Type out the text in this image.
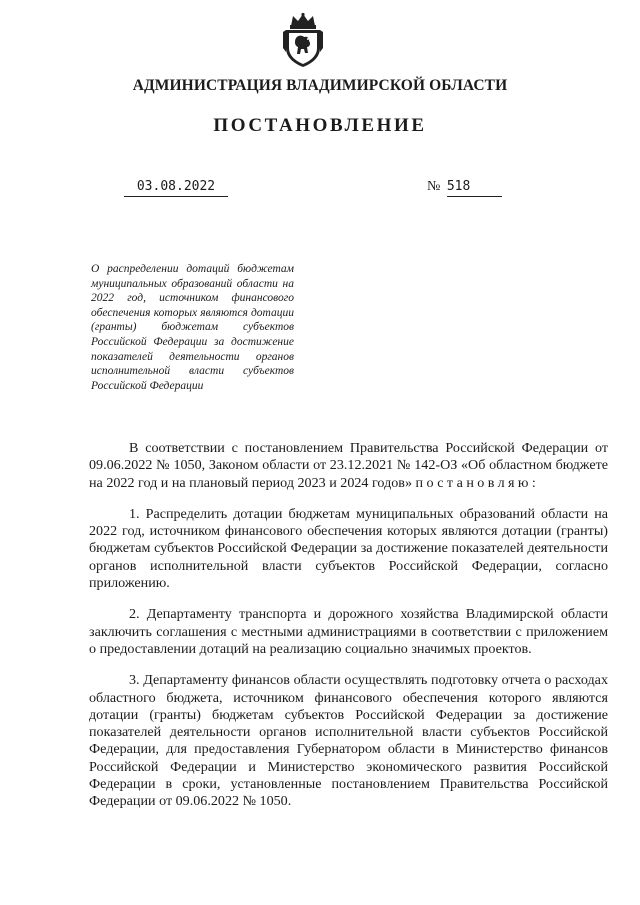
АДМИНИСТРАЦИЯ ВЛАДИМИРСКОЙ ОБЛАСТИ
ПОСТАНОВЛЕНИЕ
03.08.2022	№ 518
О распределении дотаций бюджетам муниципальных образований области на 2022 год, источником финансового обеспечения которых являются дотации (гранты) бюджетам субъектов Российской Федерации за достижение показателей деятельности органов исполнительной власти субъектов Российской Федерации

В соответствии с постановлением Правительства Российской Федерации от 09.06.2022 № 1050, Законом области от 23.12.2021 № 142-ОЗ «Об областном бюджете на 2022 год и на плановый период 2023 и 2024 годов» постановляю:

1. Распределить дотации бюджетам муниципальных образований области на 2022 год, источником финансового обеспечения которых являются дотации (гранты) бюджетам субъектов Российской Федерации за достижение показателей деятельности органов исполнительной власти субъектов Российской Федерации, согласно приложению.

2. Департаменту транспорта и дорожного хозяйства Владимирской области заключить соглашения с местными администрациями в соответствии с приложением о предоставлении дотаций на реализацию социально значимых проектов.

3. Департаменту финансов области осуществлять подготовку отчета о расходах областного бюджета, источником финансового обеспечения которого являются дотации (гранты) бюджетам субъектов Российской Федерации за достижение показателей деятельности органов исполнительной власти субъектов Российской Федерации, для предоставления Губернатором области в Министерство финансов Российской Федерации и Министерство экономического развития Российской Федерации в сроки, установленные постановлением Правительства Российской Федерации от 09.06.2022 № 1050.
